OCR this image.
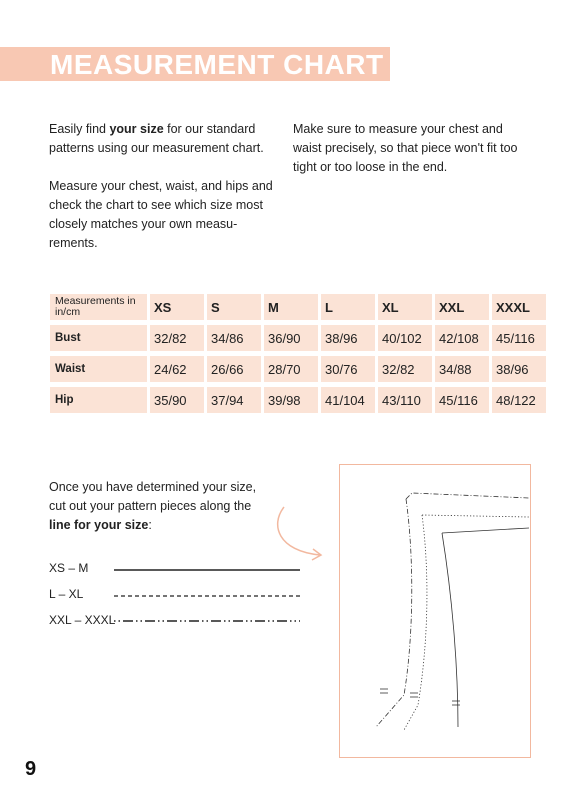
MEASUREMENT CHART

Easily find your size for our standard patterns using our measurement chart.

Measure your chest, waist, and hips and check the chart to see which size most closely matches your own measu-rements.

Make sure to measure your chest and waist precisely, so that piece won't fit too tight or too loose in the end.

Measurements in in/cm	XS	S	M	L	XL	XXL	XXXL
Bust	32/82	34/86	36/90	38/96	40/102	42/108	45/116
Waist	24/62	26/66	28/70	30/76	32/82	34/88	38/96
Hip	35/90	37/94	39/98	41/104	43/110	45/116	48/122

Once you have determined your size, cut out your pattern pieces along the line for your size:

XS – M
L – XL
XXL – XXXL
9
